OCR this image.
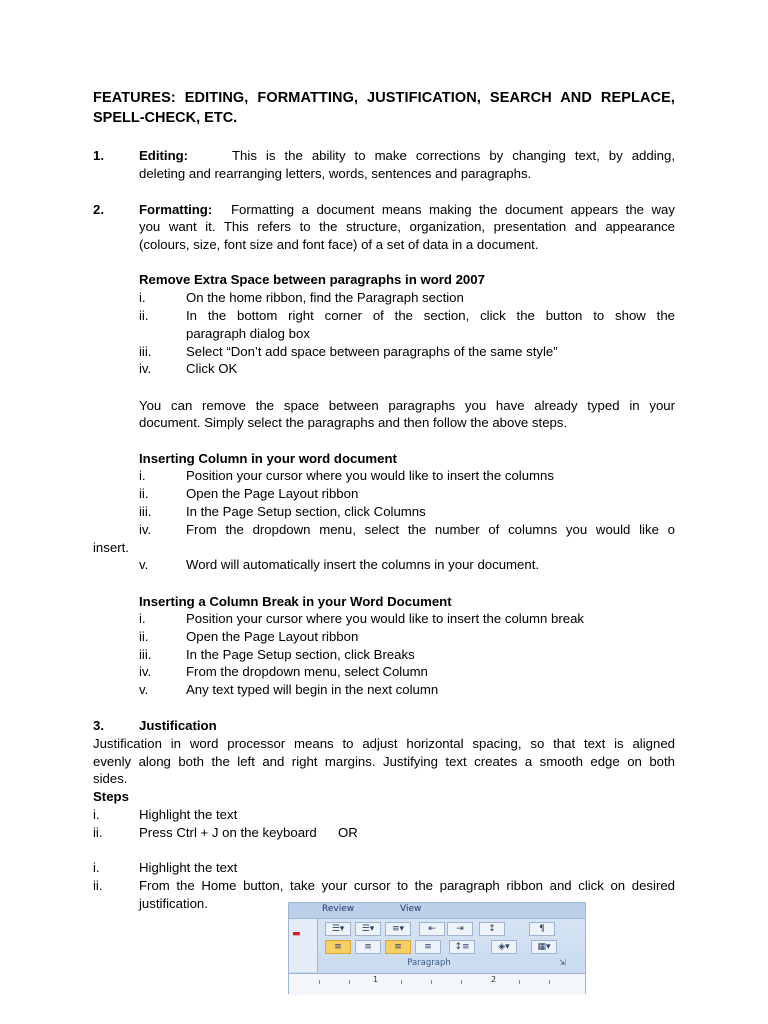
FEATURES: EDITING, FORMATTING, JUSTIFICATION, SEARCH AND REPLACE,
SPELL-CHECK, ETC.
1.	Editing:	This is the ability to make corrections by changing text, by adding,
deleting and rearranging letters, words, sentences and paragraphs.
2.	Formatting: Formatting a document means making the document appears the way
you want it. This refers to the structure, organization, presentation and appearance
(colours, size, font size and font face) of a set of data in a document.
Remove Extra Space between paragraphs in word 2007
i.	On the home ribbon, find the Paragraph section
ii.	In the bottom right corner of the section, click the button to show the
paragraph dialog box
iii.	Select “Don’t add space between paragraphs of the same style”
iv.	Click OK
You can remove the space between paragraphs you have already typed in your
document. Simply select the paragraphs and then follow the above steps.
Inserting Column in your word document
i.	Position your cursor where you would like to insert the columns
ii.	Open the Page Layout ribbon
iii.	In the Page Setup section, click Columns
iv.	From the dropdown menu, select the number of columns you would like o
insert.
v.	Word will automatically insert the columns in your document.
Inserting a Column Break in your Word Document
i.	Position your cursor where you would like to insert the column break
ii.	Open the Page Layout ribbon
iii.	In the Page Setup section, click Breaks
iv.	From the dropdown menu, select Column
v.	Any text typed will begin in the next column
3.	Justification
Justification in word processor means to adjust horizontal spacing, so that text is aligned
evenly along both the left and right margins. Justifying text creates a smooth edge on both
sides.
Steps
i.	Highlight the text
ii.	Press Ctrl + J on the keyboard OR
i.	Highlight the text
ii.	From the Home button, take your cursor to the paragraph ribbon and click on desired
justification.	Review	View
▬	☰▾	☰▾	≡▾	⇤	⇥	↕	¶
≡	≡	≡	≡	↕≡	◈▾	▦▾
Paragraph	⇲
1	2
